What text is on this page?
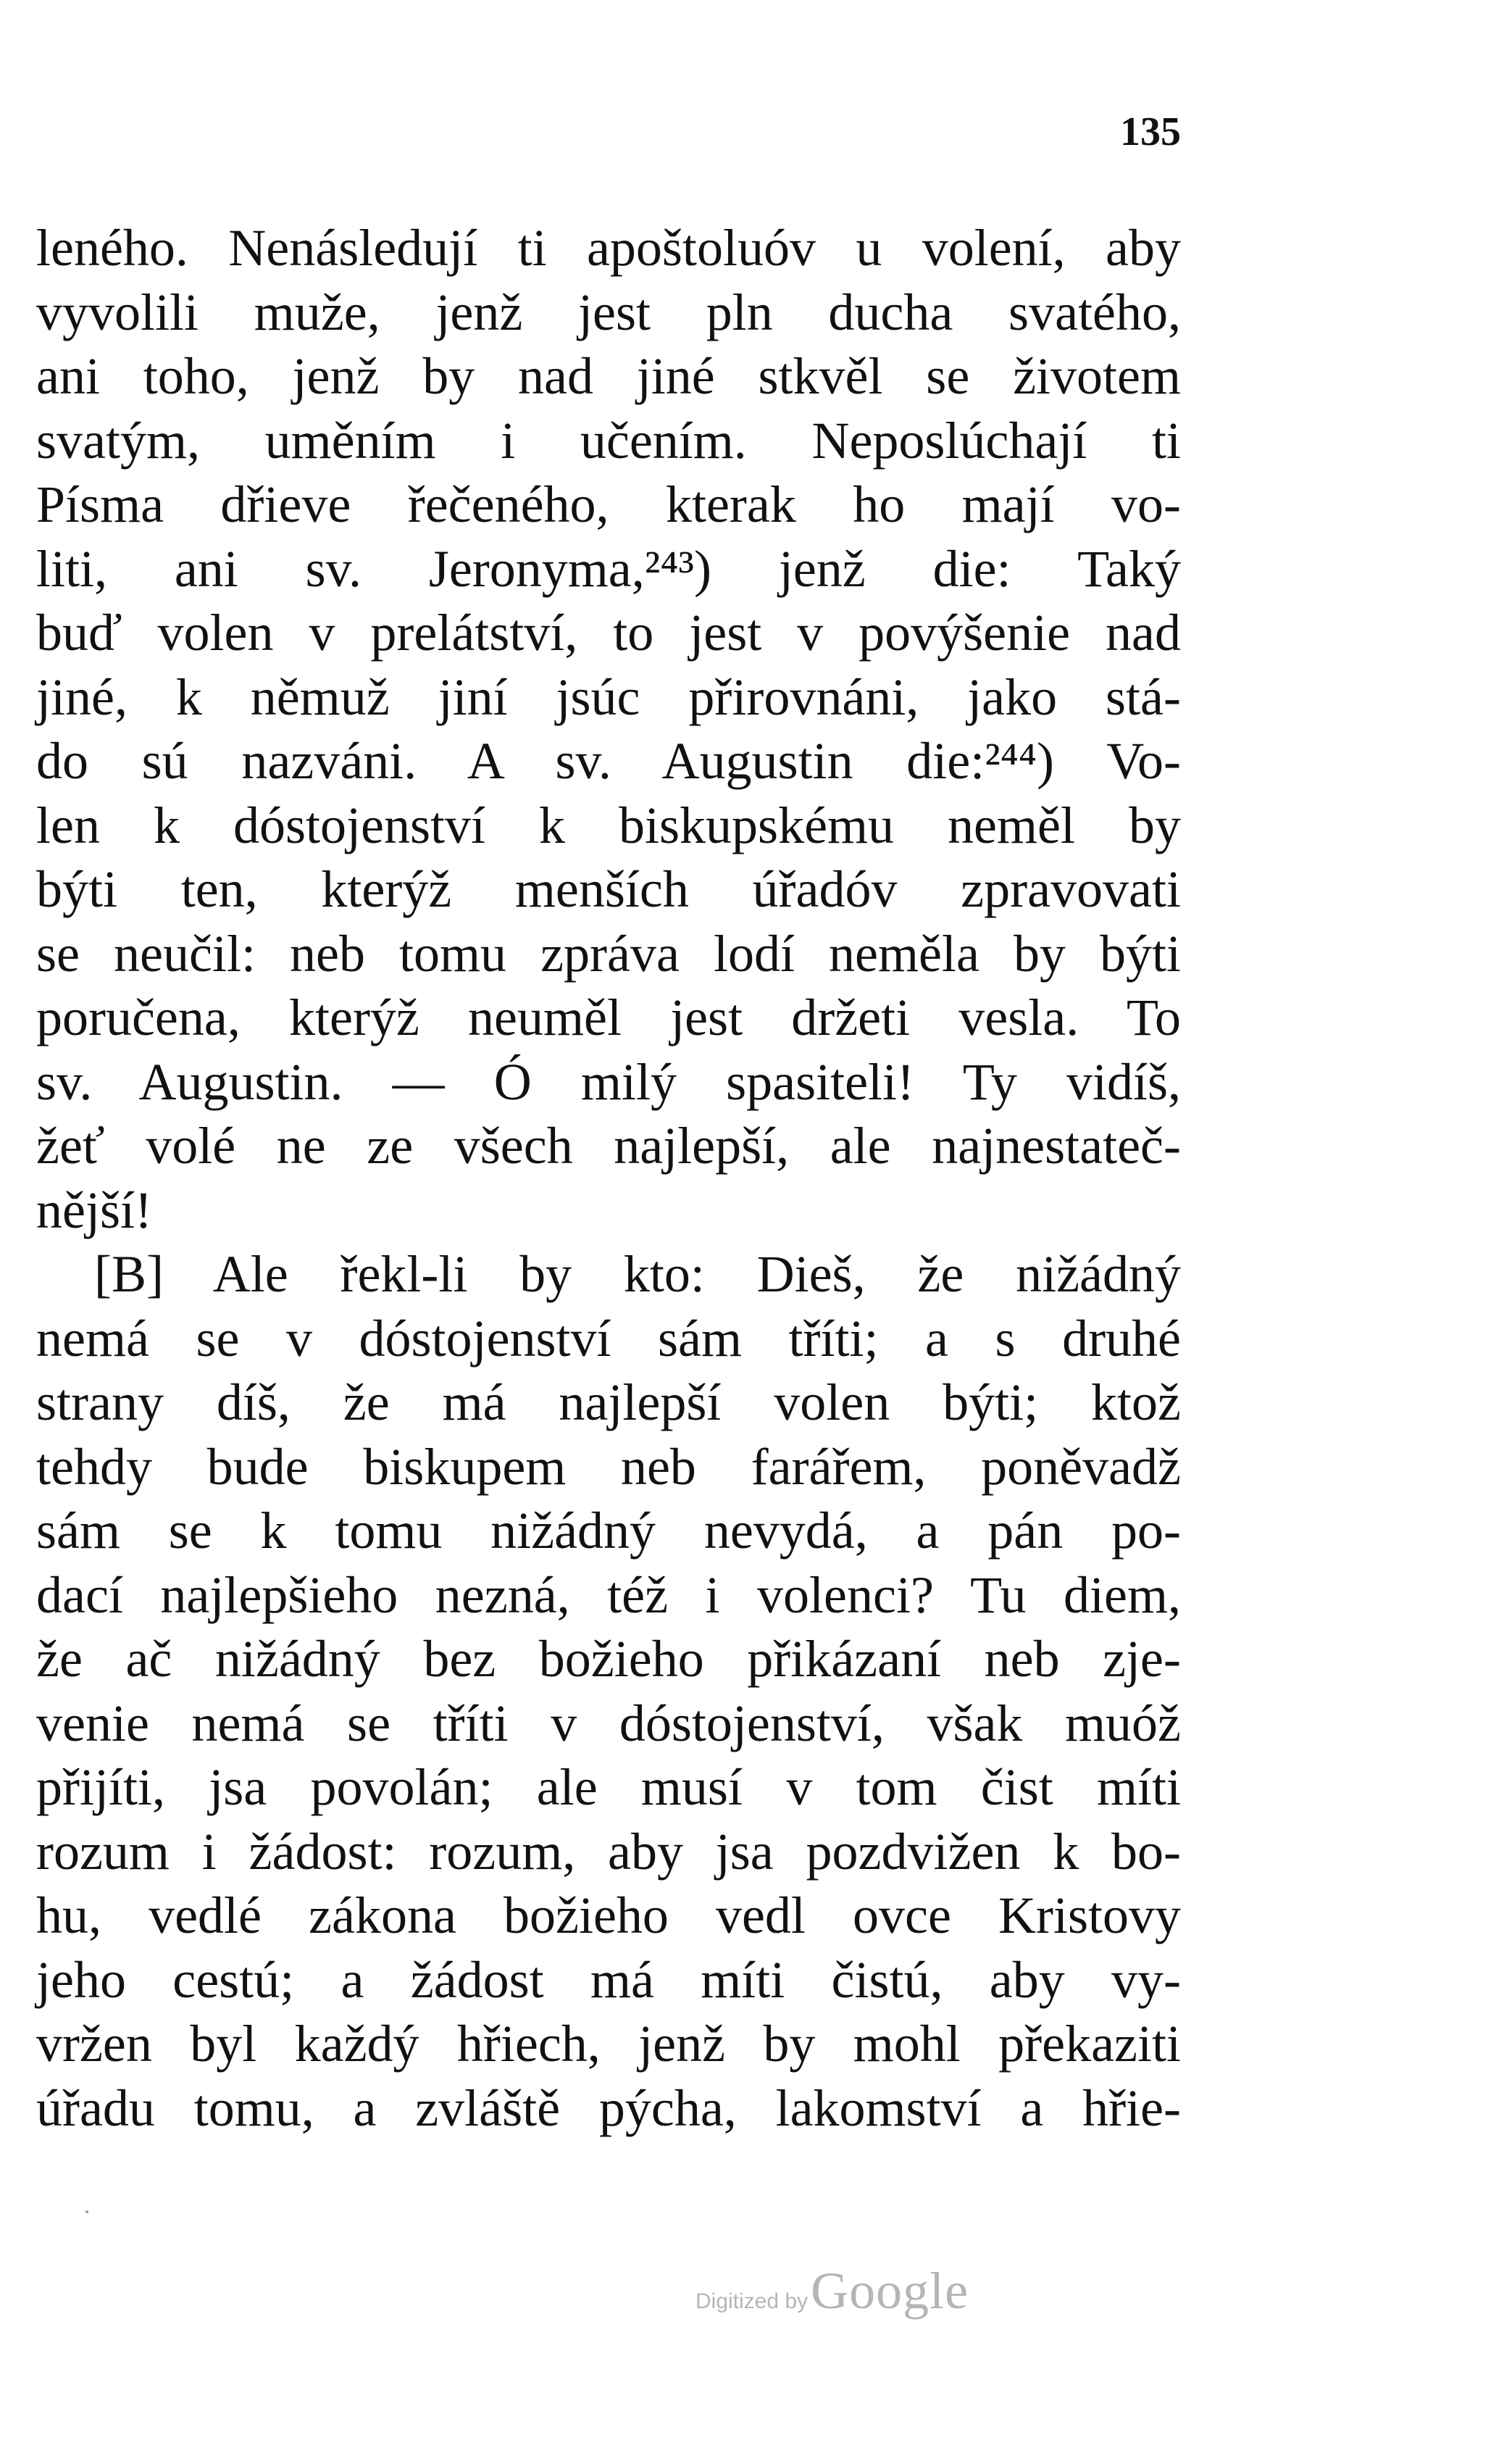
135
leného. Nenásledují ti apoštoluóv u volení, aby
vyvolili muže, jenž jest pln ducha svatého,
ani toho, jenž by nad jiné stkvěl se životem
svatým, uměním i učením. Neposlúchají ti
Písma dřieve řečeného, kterak ho mají vo-
liti, ani sv. Jeronyma,²⁴³) jenž die: Taký
buď volen v prelátství, to jest v povýšenie nad
jiné, k němuž jiní jsúc přirovnáni, jako stá-
do sú nazváni. A sv. Augustin die:²⁴⁴) Vo-
len k dóstojenství k biskupskému neměl by
býti ten, kterýž menších úřadóv zpravovati
se neučil: neb tomu zpráva lodí neměla by býti
poručena, kterýž neuměl jest držeti vesla. To
sv. Augustin. — Ó milý spasiteli! Ty vidíš,
žeť volé ne ze všech najlepší, ale najnestateč-
nější!
[B] Ale řekl-li by kto: Dieš, že nižádný
nemá se v dóstojenství sám tříti; a s druhé
strany díš, že má najlepší volen býti; ktož
tehdy bude biskupem neb farářem, poněvadž
sám se k tomu nižádný nevydá, a pán po-
dací najlepšieho nezná, též i volenci? Tu diem,
že ač nižádný bez božieho přikázaní neb zje-
venie nemá se tříti v dóstojenství, však muóž
přijíti, jsa povolán; ale musí v tom čist míti
rozum i žádost: rozum, aby jsa pozdvižen k bo-
hu, vedlé zákona božieho vedl ovce Kristovy
jeho cestú; a žádost má míti čistú, aby vy-
vržen byl každý hřiech, jenž by mohl překaziti
úřadu tomu, a zvláště pýcha, lakomství a hřie-
Digitized by Google
